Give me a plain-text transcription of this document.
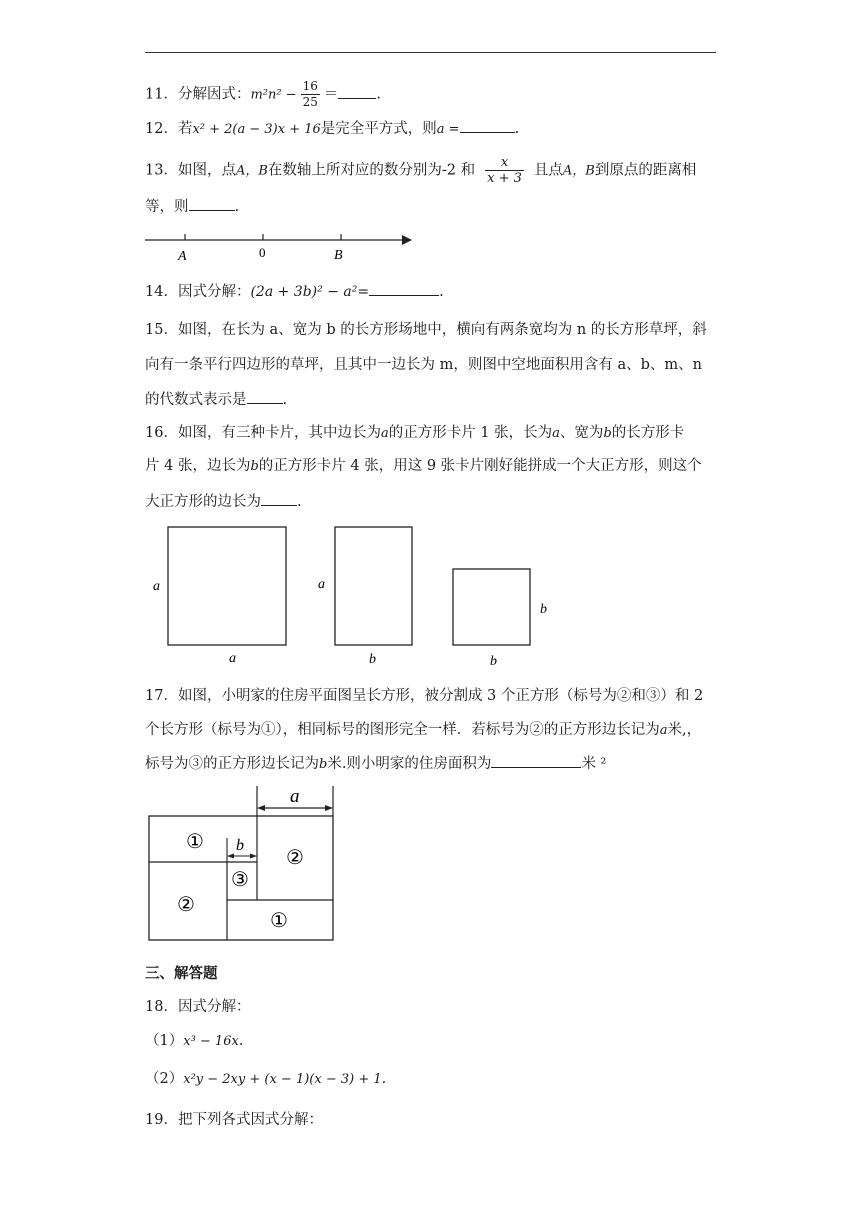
11．分解因式：$m^2n^2 - \frac{16}{25}$ ＝	.
12．若x² + 2(a − 3)x + 16是完全平方式，则a =	.
13．如图，点A，B在数轴上所对应的数分别为-2 和 $\frac{x}{x + 3}$ 且点A，B到原点的距离相
等，则	.
A	0	B
14．因式分解：(2a + 3b)² − a²=	.
15．如图，在长为 a、宽为 b 的长方形场地中，横向有两条宽均为 n 的长方形草坪，斜
向有一条平行四边形的草坪，且其中一边长为 m，则图中空地面积用含有 a、b、m、n
的代数式表示是 .
16．如图，有三种卡片，其中边长为a的正方形卡片 1 张，长为a、宽为b的长方形卡
片 4 张，边长为b的正方形卡片 4 张，用这 9 张卡片刚好能拼成一个大正方形，则这个
大正方形的边长为 .
a
a
a
b
b
b
17．如图，小明家的住房平面图呈长方形，被分割成 3 个正方形（标号为②和③）和 2
个长方形（标号为①），相同标号的图形完全一样．若标号为②的正方形边长记为a米,，
标号为③的正方形边长记为b米.则小明家的住房面积为	米 ²
a
b
①
②
③
②
①
三、解答题
18．因式分解：
（1）x³ − 16x.
（2）x²y − 2xy + (x − 1)(x − 3) + 1.
19．把下列各式因式分解：
